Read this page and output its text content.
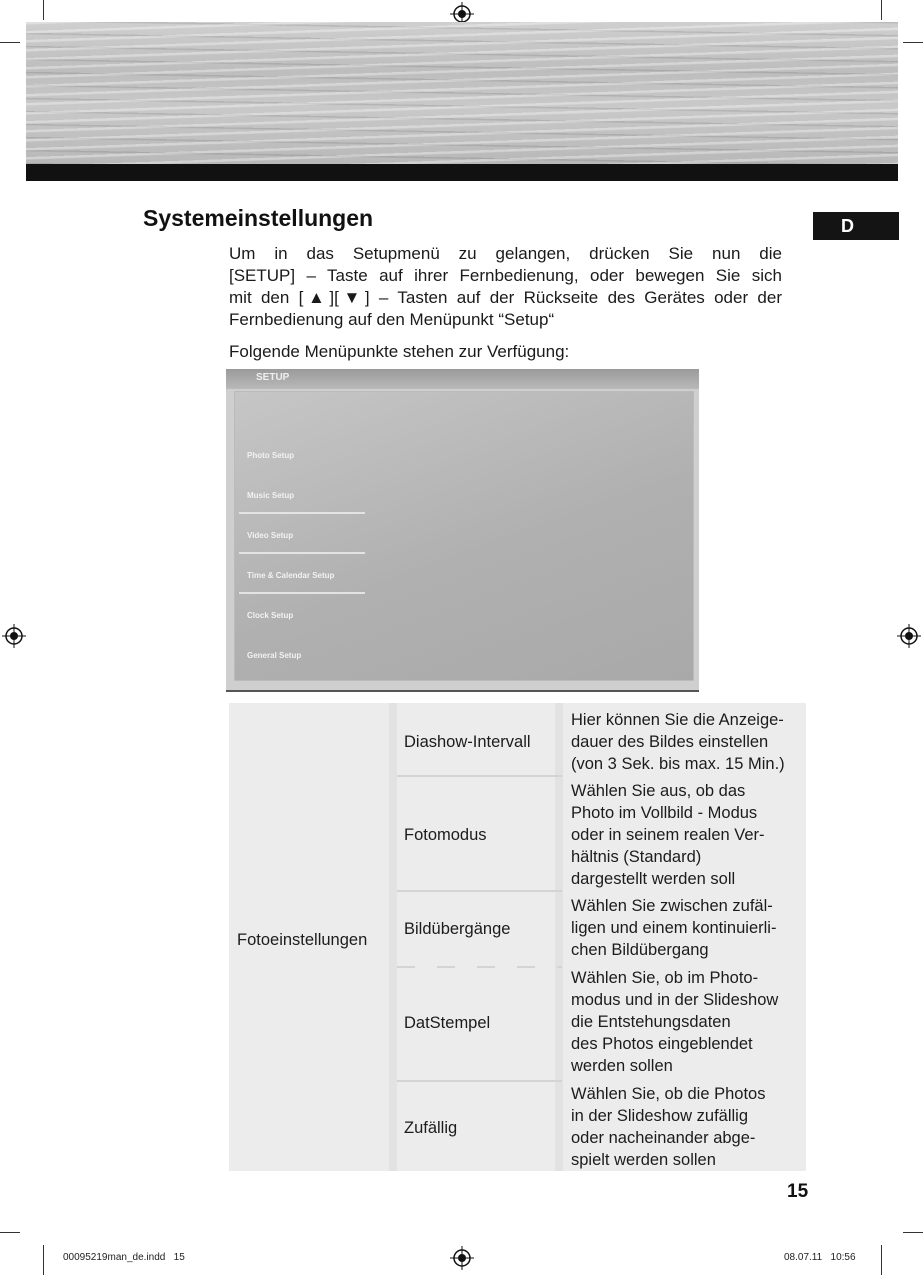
Systemeinstellungen	D
Um in das Setupmenü zu gelangen, drücken Sie nun die
[SETUP] – Taste auf ihrer Fernbedienung, oder bewegen Sie sich
mit den [▲][▼] – Tasten auf der Rückseite des Gerätes oder der
Fernbedienung auf den Menüpunkt “Setup“
Folgende Menüpunkte stehen zur Verfügung:
SETUP
Photo Setup
Music Setup
Video Setup
Time & Calendar Setup
Clock Setup
General Setup
Fotoeinstellungen
Diashow-Intervall
Hier können Sie die Anzeige-
dauer des Bildes einstellen
(von 3 Sek. bis max. 15 Min.)
Fotomodus
Wählen Sie aus, ob das
Photo im Vollbild - Modus
oder in seinem realen Ver-
hältnis (Standard)
dargestellt werden soll
Bildübergänge
Wählen Sie zwischen zufäl-
ligen und einem kontinuierli-
chen Bildübergang
DatStempel
Wählen Sie, ob im Photo-
modus und in der Slideshow
die Entstehungsdaten
des Photos eingeblendet
werden sollen
Zufällig
Wählen Sie, ob die Photos
in der Slideshow zufällig
oder nacheinander abge-
spielt werden sollen
15
00095219man_de.indd   15	08.07.11   10:56
